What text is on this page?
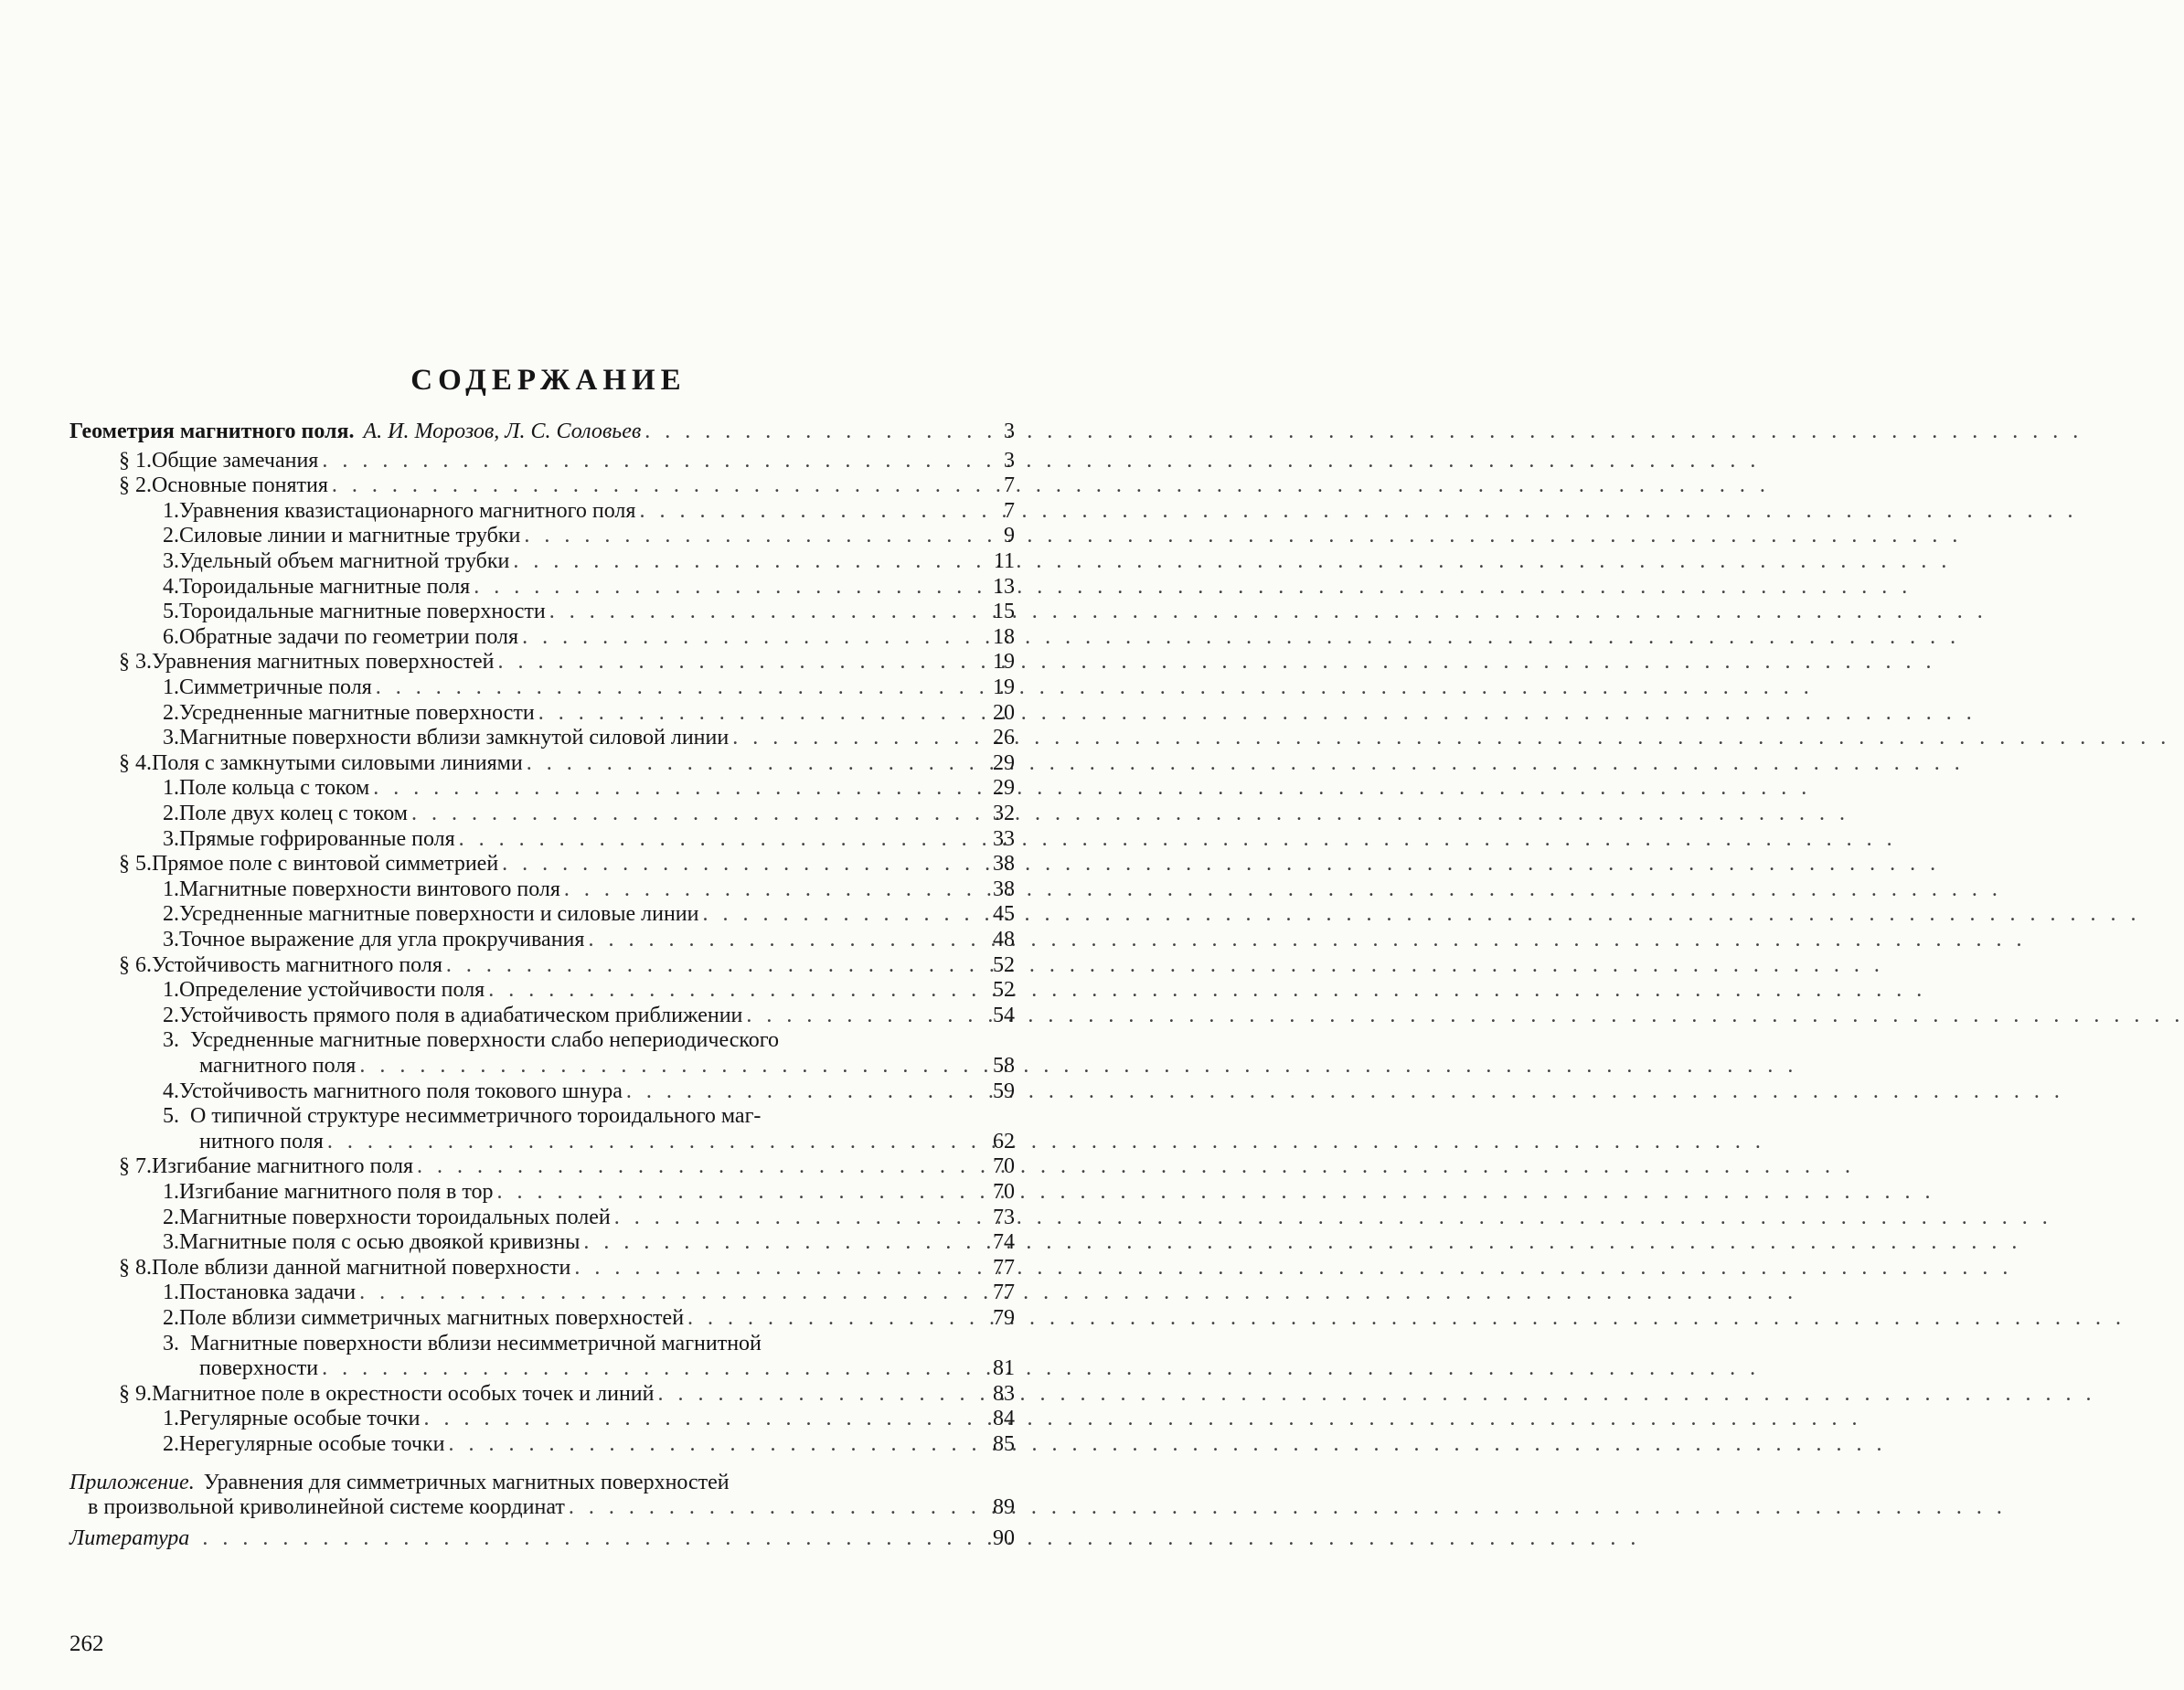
СОДЕРЖАНИЕ
Геометрия магнитного поля. А. И. Морозов, Л. С. Соловьев . . .	3
§ 1. Общие замечания . . .	3
§ 2. Основные понятия . . .	7
1. Уравнения квазистационарного магнитного поля . . .	7
2. Силовые линии и магнитные трубки . . .	9
3. Удельный объем магнитной трубки . . .	11
4. Тороидальные магнитные поля . . .	13
5. Тороидальные магнитные поверхности . . .	15
6. Обратные задачи по геометрии поля . . .	18
§ 3. Уравнения магнитных поверхностей . . .	19
1. Симметричные поля . . .	19
2. Усредненные магнитные поверхности . . .	20
3. Магнитные поверхности вблизи замкнутой силовой линии . . .	26
§ 4. Поля с замкнутыми силовыми линиями . . .	29
1. Поле кольца с током . . .	29
2. Поле двух колец с током . . .	32
3. Прямые гофрированные поля . . .	33
§ 5. Прямое поле с винтовой симметрией . . .	38
1. Магнитные поверхности винтового поля . . .	38
2. Усредненные магнитные поверхности и силовые линии . . .	45
3. Точное выражение для угла прокручивания . . .	48
§ 6. Устойчивость магнитного поля . . .	52
1. Определение устойчивости поля . . .	52
2. Устойчивость прямого поля в адиабатическом приближении . . .	54
3. Усредненные магнитные поверхности слабо непериодического
магнитного поля . . .	58
4. Устойчивость магнитного поля токового шнура . . .	59
5. О типичной структуре несимметричного тороидального маг-
нитного поля . . .	62
§ 7. Изгибание магнитного поля . . .	70
1. Изгибание магнитного поля в тор . . .	70
2. Магнитные поверхности тороидальных полей . . .	73
3. Магнитные поля с осью двоякой кривизны . . .	74
§ 8. Поле вблизи данной магнитной поверхности . . .	77
1. Постановка задачи . . .	77
2. Поле вблизи симметричных магнитных поверхностей . . .	79
3. Магнитные поверхности вблизи несимметричной магнитной
поверхности . . .	81
§ 9. Магнитное поле в окрестности особых точек и линий . . .	83
1. Регулярные особые точки . . .	84
2. Нерегулярные особые точки . . .	85
Приложение. Уравнения для симметричных магнитных поверхностей
в произвольной криволинейной системе координат . . .	89
Литература . . .	90
262
